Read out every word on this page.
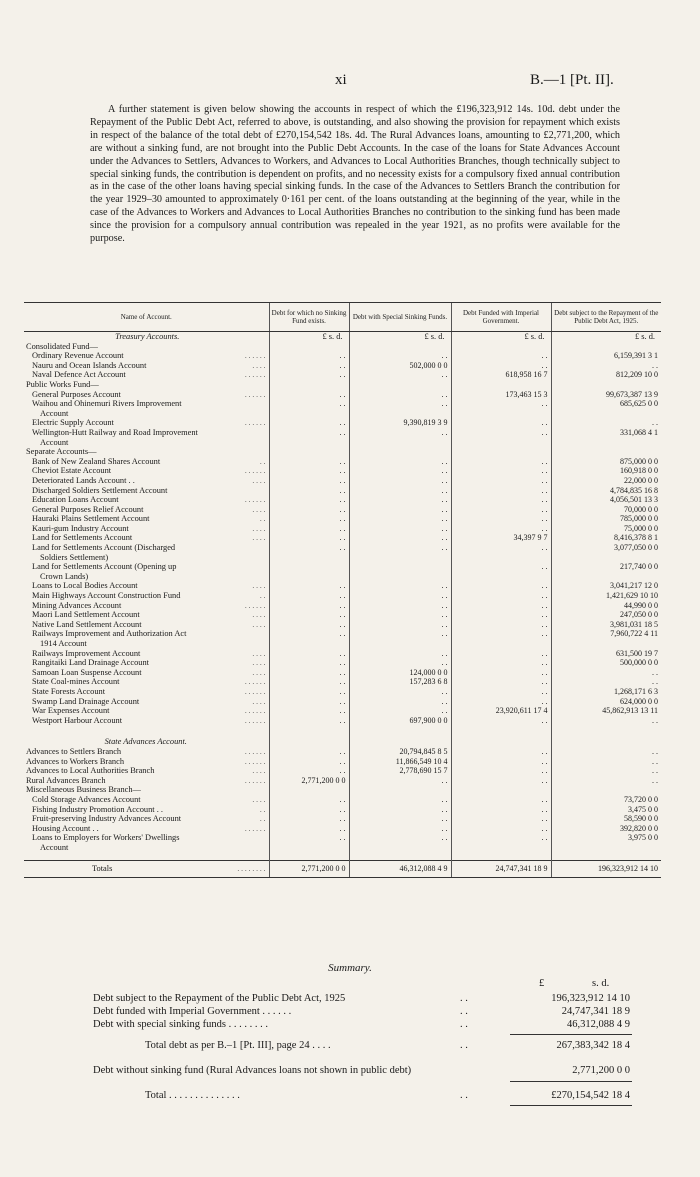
xi	B.—1 [Pt. II].

A further statement is given below showing the accounts in respect of which the £196,323,912 14s. 10d. debt under the Repayment of the Public Debt Act, referred to above, is outstanding, and also showing the provision for repayment which exists in respect of the balance of the total debt of £270,154,542 18s. 4d. The Rural Advances loans, amounting to £2,771,200, which are without a sinking fund, are not brought into the Public Debt Accounts. In the case of the loans for State Advances Account under the Advances to Settlers, Advances to Workers, and Advances to Local Authorities Branches, though technically subject to special sinking funds, the contribution is dependent on profits, and no necessity exists for a compulsory fixed annual contribution as in the case of the other loans having special sinking funds. In the case of the Advances to Settlers Branch the contribution for the year 1929–30 amounted to approximately 0·161 per cent. of the loans outstanding at the beginning of the year, while in the case of the Advances to Workers and Advances to Local Authorities Branches no contribution to the sinking fund has been made since the provision for a compulsory annual contribution was repealed in the year 1921, as no profits were available for the purpose.

Name of Account.	Debt for which no Sinking Fund exists.	Debt with Special Sinking Funds.	Debt Funded with Imperial Government.	Debt subject to the Repayment of the Public Debt Act, 1925.
Treasury Accounts.	£ s. d.	£ s. d.	£ s. d.	£ s. d.

Consolidated Fund—				

Ordinary Revenue Account . . . . . .	. .	. .	. .	6,159,391 3 1

Nauru and Ocean Islands Account . . . .	. .	502,000 0 0	. .	. .

Naval Defence Act Account . . . . . .	. .	. .	618,958 16 7	812,209 10 0

Public Works Fund—				

General Purposes Account . . . . . .	. .	. .	173,463 15 3	99,673,387 13 9

Waihou and Ohinemuri Rivers Improvement	. .	. .	. .	685,625 0 0

Account				

Electric Supply Account . . . . . .	. .	9,390,819 3 9	. .	. .

Wellington-Hutt Railway and Road Improvement	. .	. .	. .	331,068 4 1

Account				

Separate Accounts—				

Bank of New Zealand Shares Account . .	. .	. .	. .	875,000 0 0

Cheviot Estate Account . . . . . .	. .	. .	. .	160,918 0 0

Deteriorated Lands Account . . . . . .	. .	. .	. .	22,000 0 0

Discharged Soldiers Settlement Account	. .	. .	. .	4,784,835 16 8

Education Loans Account . . . . . .	. .	. .	. .	4,056,501 13 3

General Purposes Relief Account . . . .	. .	. .	. .	70,000 0 0

Hauraki Plains Settlement Account . .	. .	. .	. .	785,000 0 0

Kauri-gum Industry Account . . . .	. .	. .	. .	75,000 0 0

Land for Settlements Account . . . .	. .	. .	34,397 9 7	8,416,378 8 1

Land for Settlements Account (Discharged	. .	. .	. .	3,077,050 0 0

Soldiers Settlement)				

Land for Settlements Account (Opening up			. .	217,740 0 0

Crown Lands)				

Loans to Local Bodies Account . . . .	. .	. .	. .	3,041,217 12 0

Main Highways Account Construction Fund . .	. .	. .	. .	1,421,629 10 10

Mining Advances Account . . . . . .	. .	. .	. .	44,990 0 0

Maori Land Settlement Account . . . .	. .	. .	. .	247,050 0 0

Native Land Settlement Account . . . .	. .	. .	. .	3,981,031 18 5

Railways Improvement and Authorization Act	. .	. .	. .	7,960,722 4 11

1914 Account				

Railways Improvement Account . . . .	. .	. .	. .	631,500 19 7

Rangitaiki Land Drainage Account . . . .	. .	. .	. .	500,000 0 0

Samoan Loan Suspense Account . . . .	. .	124,000 0 0	. .	. .

State Coal-mines Account . . . . . .	. .	157,283 6 8	. .	. .

State Forests Account . . . . . .	. .	. .	. .	1,268,171 6 3

Swamp Land Drainage Account . . . .	. .	. .	. .	624,000 0 0

War Expenses Account . . . . . .	. .	. .	23,920,611 17 4	45,862,913 13 11

Westport Harbour Account . . . . . .	. .	697,900 0 0	. .	. .

State Advances Account.				

Advances to Settlers Branch . . . . . .	. .	20,794,845 8 5	. .	. .

Advances to Workers Branch . . . . . .	. .	11,866,549 10 4	. .	. .

Advances to Local Authorities Branch . . . .	. .	2,778,690 15 7	. .	. .

Rural Advances Branch . . . . . .	2,771,200 0 0	. .	. .	. .

Miscellaneous Business Branch—				

Cold Storage Advances Account . . . .	. .	. .	. .	73,720 0 0

Fishing Industry Promotion Account . . . .	. .	. .	. .	3,475 0 0

Fruit-preserving Industry Advances Account . .	. .	. .	. .	58,590 0 0

Housing Account . . . . . . . .	. .	. .	. .	392,820 0 0

Loans to Employers for Workers' Dwellings	. .	. .	. .	3,975 0 0

Account				

Totals . . . . . . . .	2,771,200 0 0	46,312,088 4 9	24,747,341 18 9	196,323,912 14 10
Summary.
£	s. d.
Debt subject to the Repayment of the Public Debt Act, 1925	. .	196,323,912 14 10
Debt funded with Imperial Government . . . . . .	. .	24,747,341 18 9
Debt with special sinking funds . . . . . . . .	. .	46,312,088 4 9
Total debt as per B.–1 [Pt. III], page 24 . . . .	. .	267,383,342 18 4
Debt without sinking fund (Rural Advances loans not shown in public debt)	2,771,200 0 0
Total . . . . . . . . . . . . . .	. .	£270,154,542 18 4
